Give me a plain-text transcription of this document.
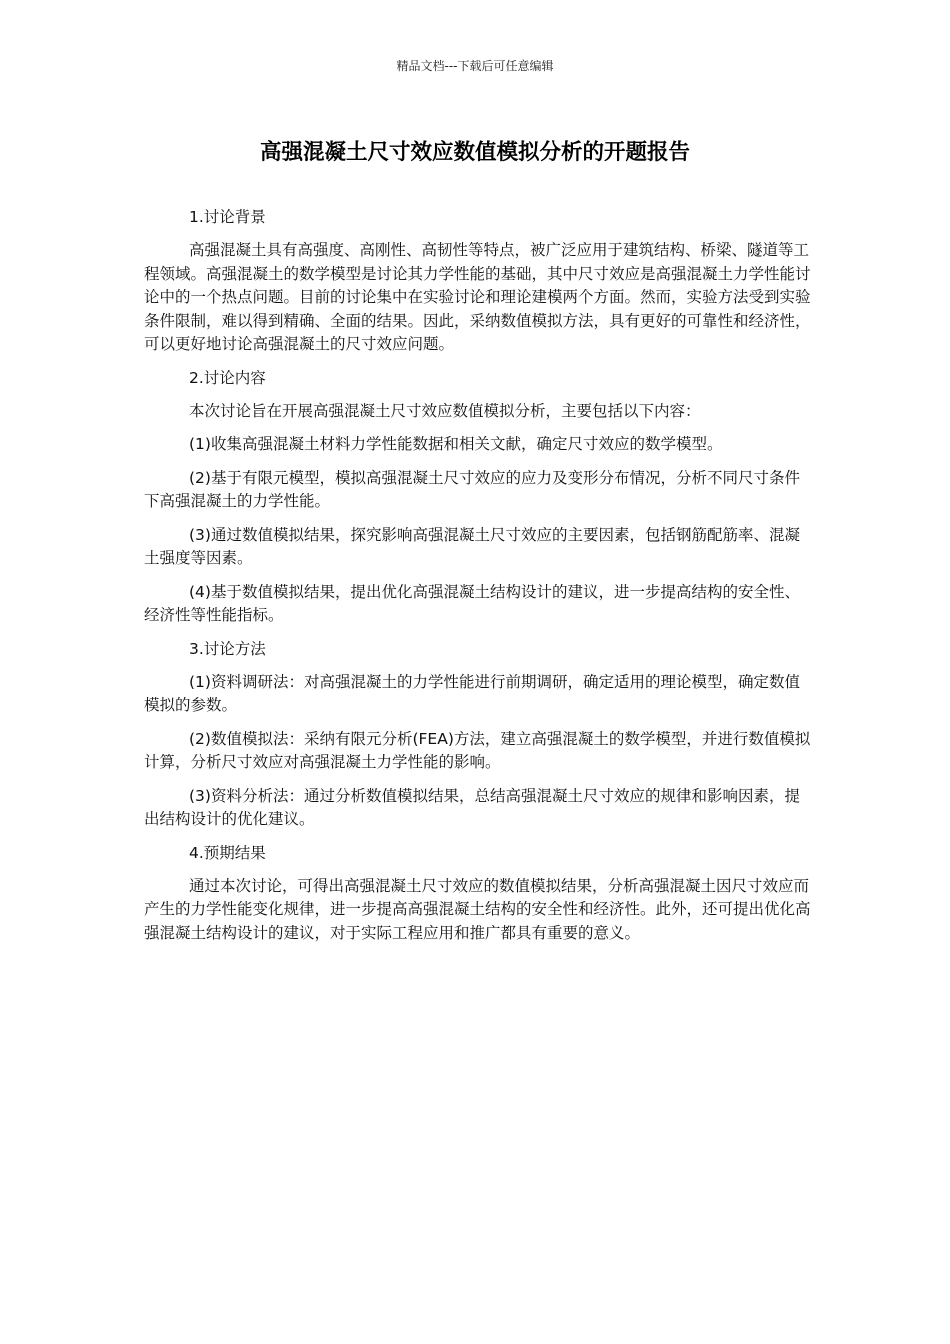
精品文档---下载后可任意编辑
高强混凝土尺寸效应数值模拟分析的开题报告

1.讨论背景

高强混凝土具有高强度、高刚性、高韧性等特点，被广泛应用于建筑结构、桥梁、隧道等工程领域。高强混凝土的数学模型是讨论其力学性能的基础，其中尺寸效应是高强混凝土力学性能讨论中的一个热点问题。目前的讨论集中在实验讨论和理论建模两个方面。然而，实验方法受到实验条件限制，难以得到精确、全面的结果。因此，采纳数值模拟方法，具有更好的可靠性和经济性，可以更好地讨论高强混凝土的尺寸效应问题。

2.讨论内容

本次讨论旨在开展高强混凝土尺寸效应数值模拟分析，主要包括以下内容：

(1)收集高强混凝土材料力学性能数据和相关文献，确定尺寸效应的数学模型。

(2)基于有限元模型，模拟高强混凝土尺寸效应的应力及变形分布情况，分析不同尺寸条件下高强混凝土的力学性能。

(3)通过数值模拟结果，探究影响高强混凝土尺寸效应的主要因素，包括钢筋配筋率、混凝土强度等因素。

(4)基于数值模拟结果，提出优化高强混凝土结构设计的建议，进一步提高结构的安全性、经济性等性能指标。

3.讨论方法

(1)资料调研法：对高强混凝土的力学性能进行前期调研，确定适用的理论模型，确定数值模拟的参数。

(2)数值模拟法：采纳有限元分析(FEA)方法，建立高强混凝土的数学模型，并进行数值模拟计算，分析尺寸效应对高强混凝土力学性能的影响。

(3)资料分析法：通过分析数值模拟结果，总结高强混凝土尺寸效应的规律和影响因素，提出结构设计的优化建议。

4.预期结果

通过本次讨论，可得出高强混凝土尺寸效应的数值模拟结果，分析高强混凝土因尺寸效应而产生的力学性能变化规律，进一步提高高强混凝土结构的安全性和经济性。此外，还可提出优化高强混凝土结构设计的建议，对于实际工程应用和推广都具有重要的意义。
